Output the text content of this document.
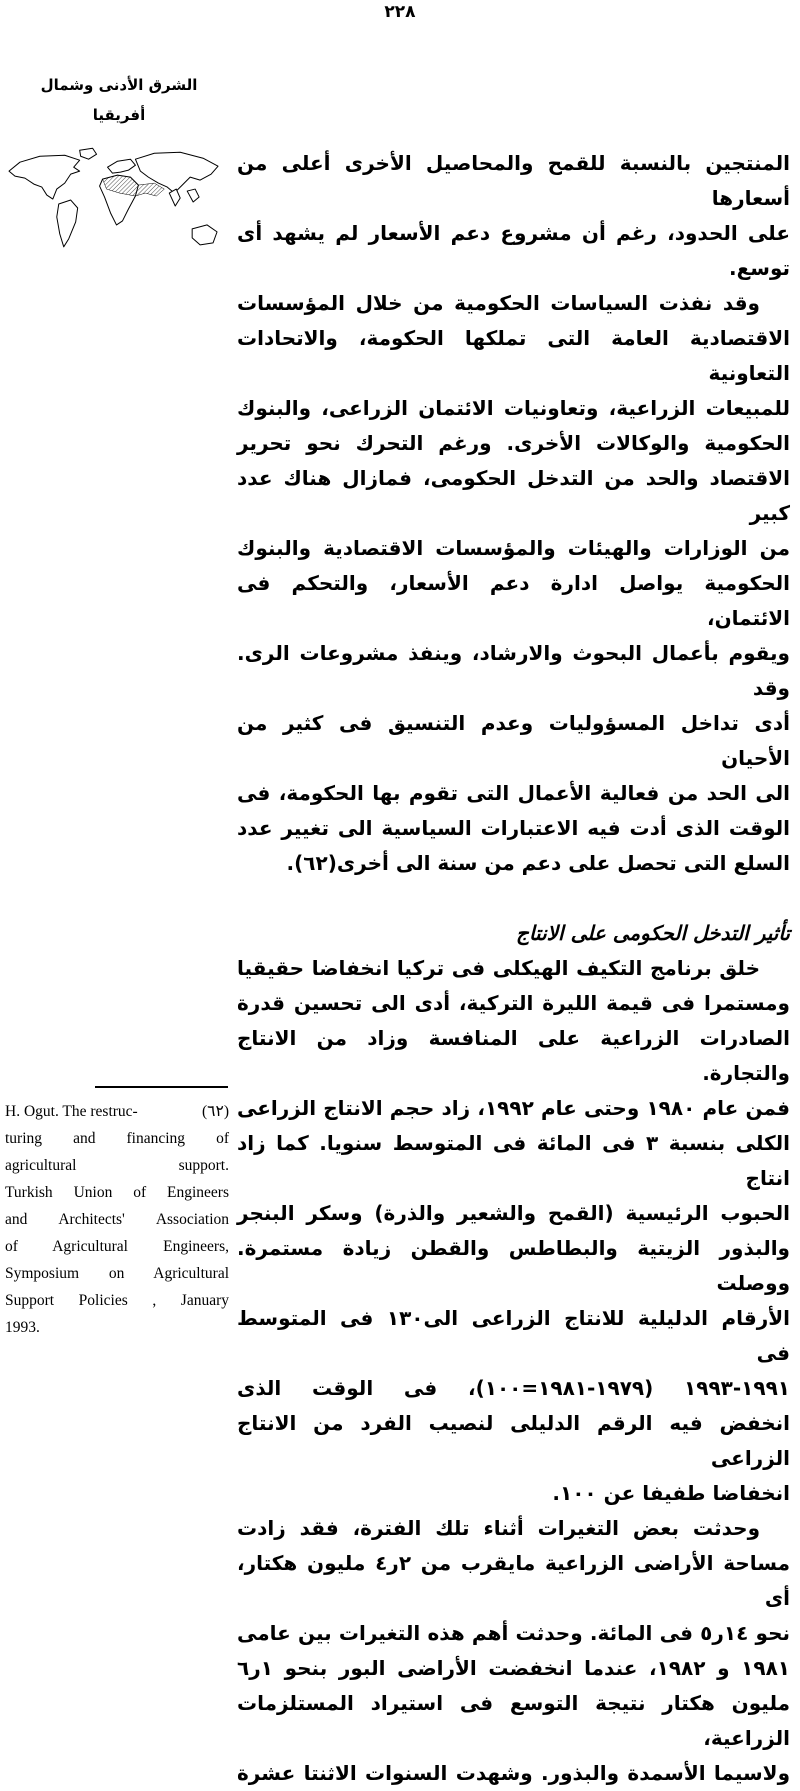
٢٢٨
الشرق الأدنى وشمال
أفريقيا
المنتجين بالنسبة للقمح والمحاصيل الأخرى أعلى من أسعارها
على الحدود، رغم أن مشروع دعم الأسعار لم يشهد أى
توسع.
وقد نفذت السياسات الحكومية من خلال المؤسسات
الاقتصادية العامة التى تملكها الحكومة، والاتحادات التعاونية
للمبيعات الزراعية، وتعاونيات الائتمان الزراعى، والبنوك
الحكومية والوكالات الأخرى. ورغم التحرك نحو تحرير
الاقتصاد والحد من التدخل الحكومى، فمازال هناك عدد كبير
من الوزارات والهيئات والمؤسسات الاقتصادية والبنوك
الحكومية يواصل ادارة دعم الأسعار، والتحكم فى الائتمان،
ويقوم بأعمال البحوث والارشاد، وينفذ مشروعات الرى. وقد
أدى تداخل المسؤوليات وعدم التنسيق فى كثير من الأحيان
الى الحد من فعالية الأعمال التى تقوم بها الحكومة، فى
الوقت الذى أدت فيه الاعتبارات السياسية الى تغيير عدد
السلع التى تحصل على دعم من سنة الى أخرى(٦٢).
تأثير التدخل الحكومى على الانتاج
خلق برنامج التكيف الهيكلى فى تركيا انخفاضا حقيقيا
ومستمرا فى قيمة الليرة التركية، أدى الى تحسين قدرة
الصادرات الزراعية على المنافسة وزاد من الانتاج والتجارة.
فمن عام ١٩٨٠ وحتى عام ١٩٩٢، زاد حجم الانتاج الزراعى
الكلى بنسبة ٣ فى المائة فى المتوسط سنويا. كما زاد انتاج
الحبوب الرئيسية (القمح والشعير والذرة) وسكر البنجر
والبذور الزيتية والبطاطس والقطن زيادة مستمرة. ووصلت
الأرقام الدليلية للانتاج الزراعى الى١٣٠ فى المتوسط فى
١٩٩١-١٩٩٣ (١٩٧٩-١٩٨١=١٠٠)، فى الوقت الذى
انخفض فيه الرقم الدليلى لنصيب الفرد من الانتاج الزراعى
انخفاضا طفيفا عن ١٠٠.
وحدثت بعض التغيرات أثناء تلك الفترة، فقد زادت
مساحة الأراضى الزراعية مايقرب من ٢ر٤ مليون هكتار، أى
نحو ١٤ر٥ فى المائة. وحدثت أهم هذه التغيرات بين عامى
١٩٨١ و ١٩٨٢، عندما انخفضت الأراضى البور بنحو ١ر٦
مليون هكتار نتيجة التوسع فى استيراد المستلزمات الزراعية،
ولاسيما الأسمدة والبذور. وشهدت السنوات الاثنتا عشرة
H. Ogut. The restruc-	(٦٢)
turing and financing of
agricultural support.
Turkish Union of Engineers
and Architects' Association
of Agricultural Engineers,
Symposium on Agricultural
Support Policies , January
1993.
